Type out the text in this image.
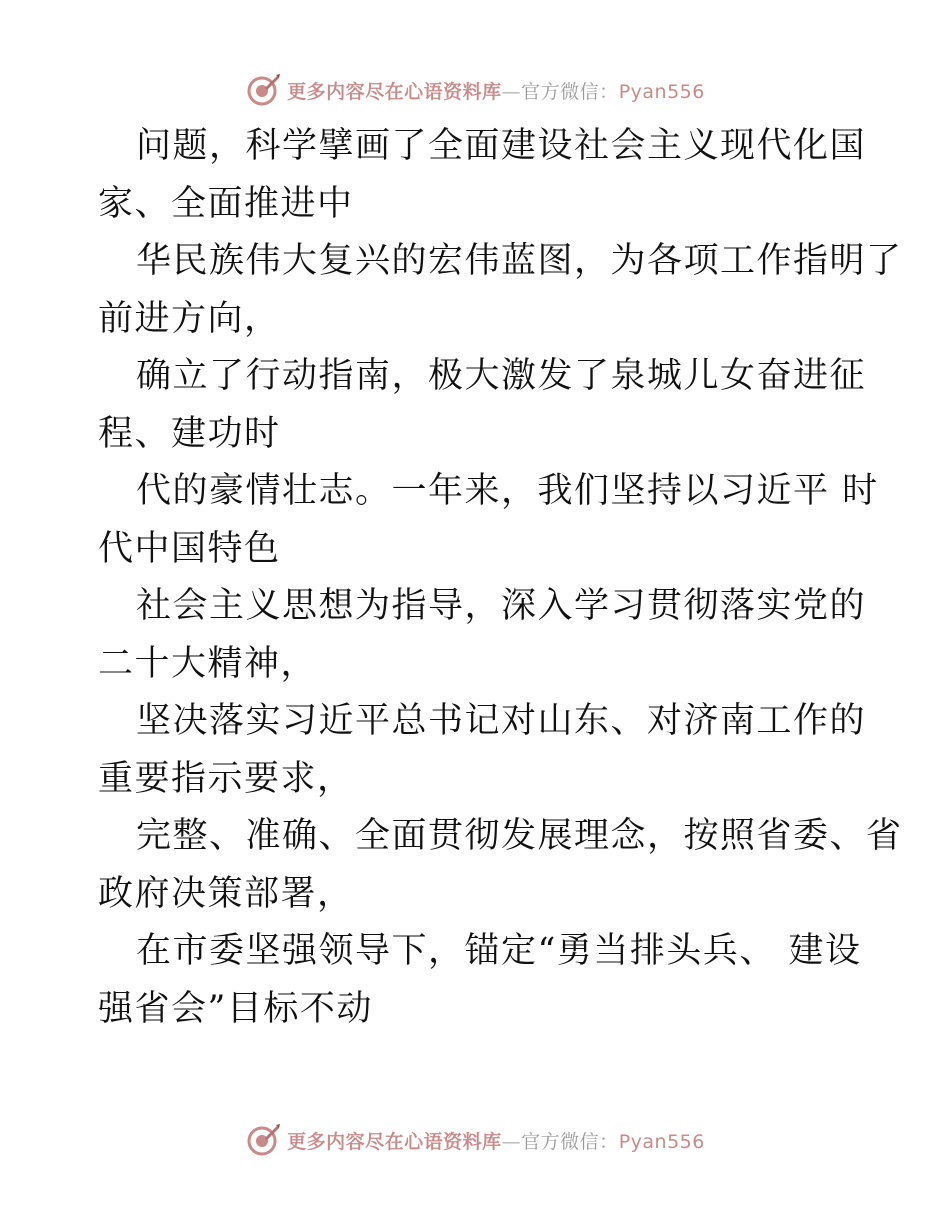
更多内容尽在心语资料库—官方微信：Pyan556
问题，科学擘画了全面建设社会主义现代化国
家、全面推进中
华民族伟大复兴的宏伟蓝图，为各项工作指明了
前进方向，
确立了行动指南，极大激发了泉城儿女奋进征
程、建功时
代的豪情壮志。一年来，我们坚持以习近平 时
代中国特色
社会主义思想为指导，深入学习贯彻落实党的
二十大精神，
坚决落实习近平总书记对山东、对济南工作的
重要指示要求，
完整、准确、全面贯彻发展理念，按照省委、省
政府决策部署，
在市委坚强领导下，锚定“勇当排头兵、 建设
强省会”目标不动
更多内容尽在心语资料库—官方微信：Pyan556
